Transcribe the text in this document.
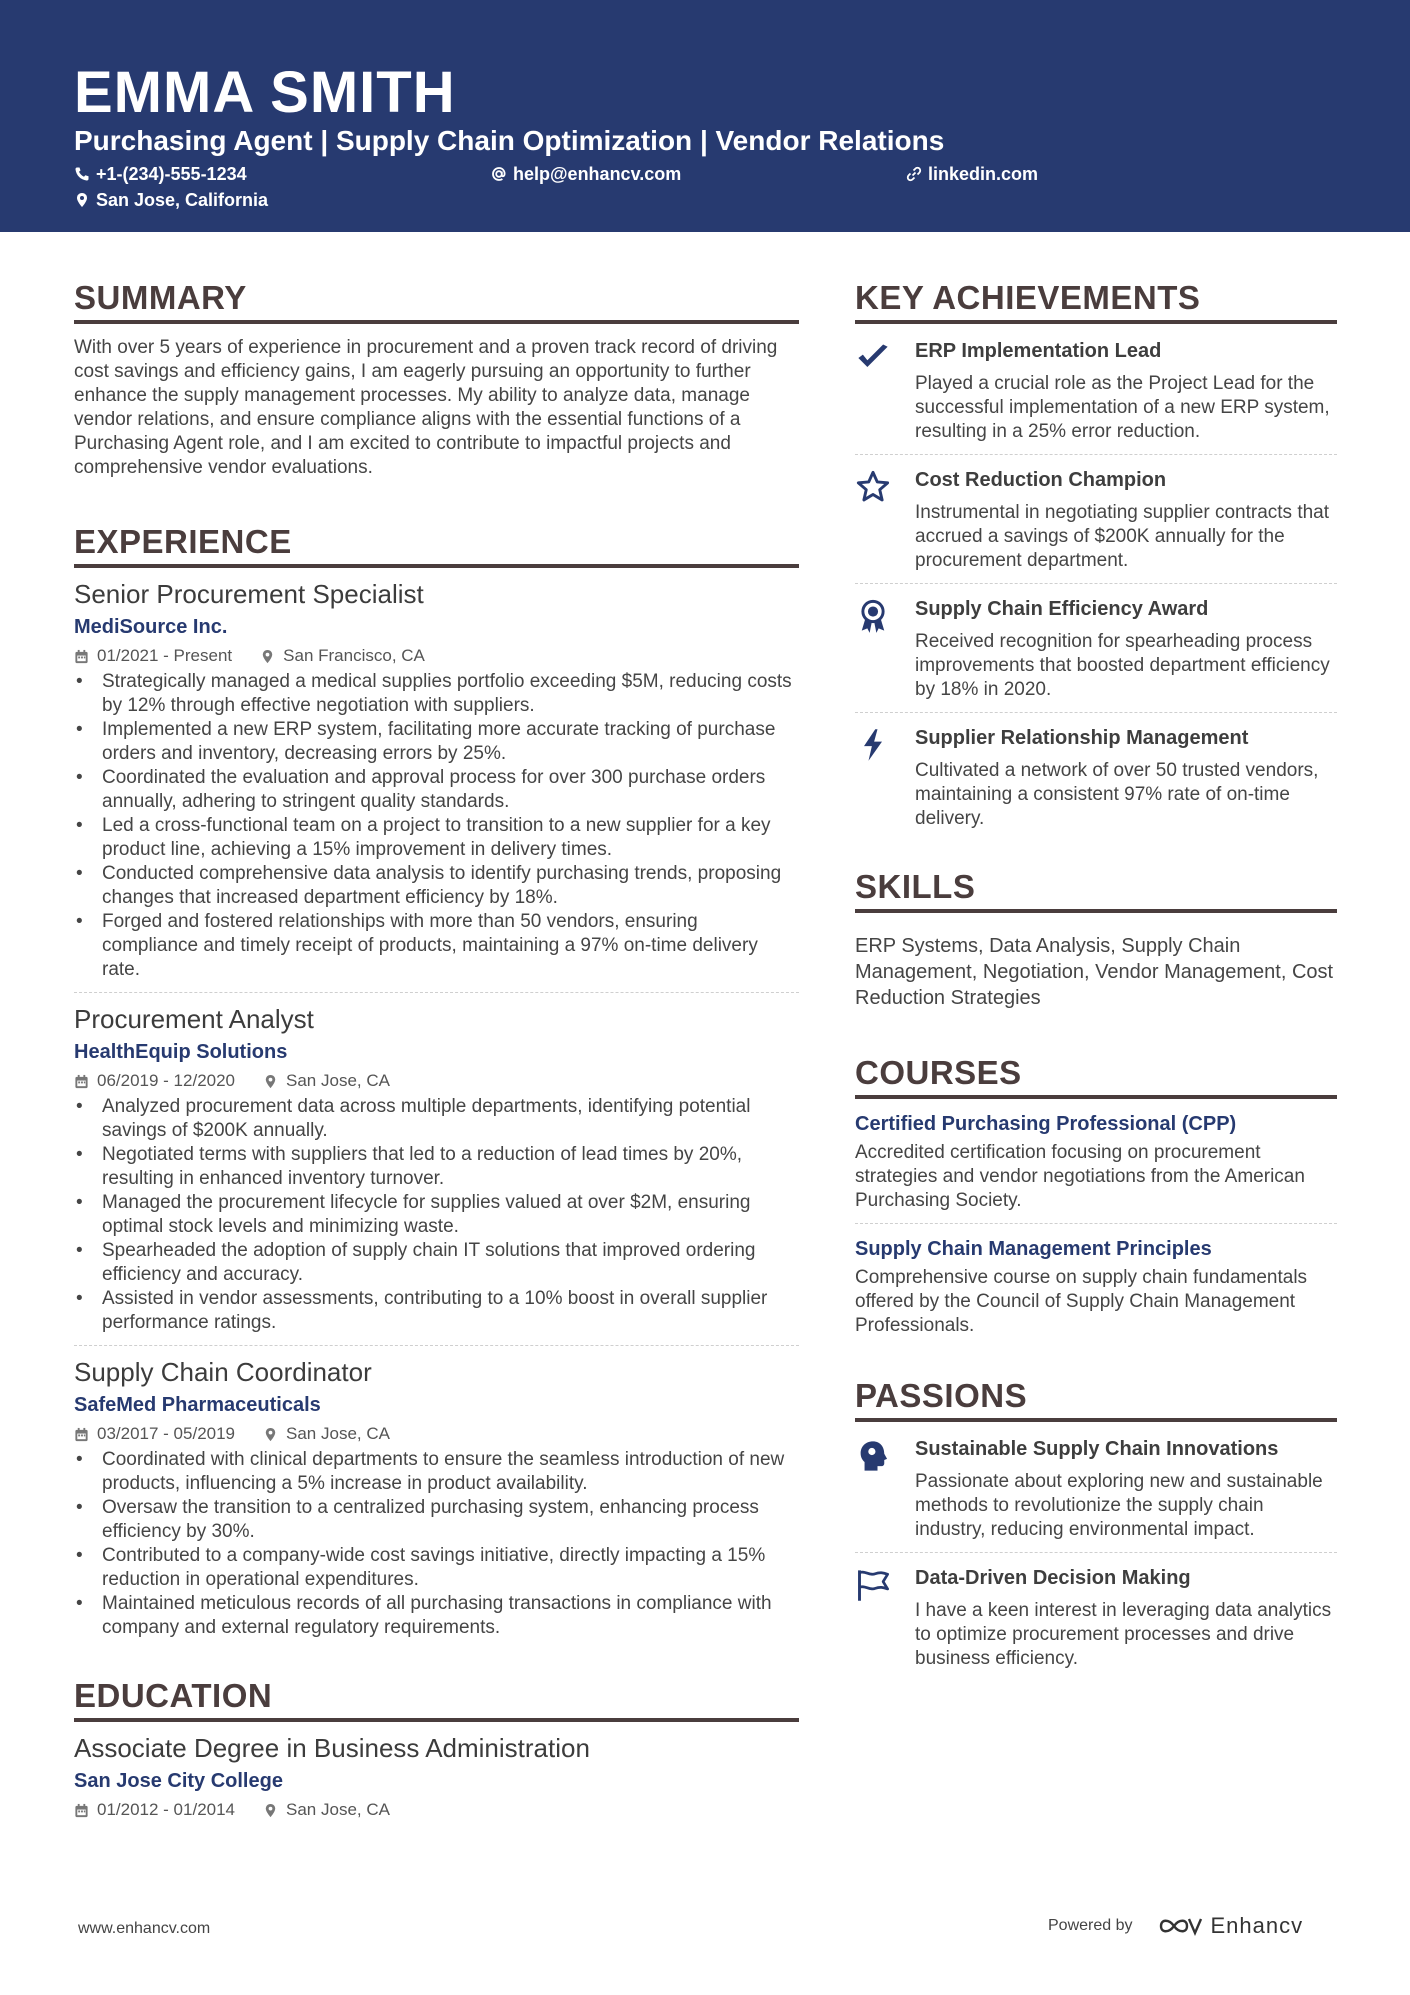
EMMA SMITH
Purchasing Agent | Supply Chain Optimization | Vendor Relations
+1-(234)-555-1234	help@enhancv.com	linkedin.com
San Jose, California
SUMMARY
With over 5 years of experience in procurement and a proven track record of driving cost savings and efficiency gains, I am eagerly pursuing an opportunity to further enhance the supply management processes. My ability to analyze data, manage vendor relations, and ensure compliance aligns with the essential functions of a Purchasing Agent role, and I am excited to contribute to impactful projects and comprehensive vendor evaluations.
EXPERIENCE
Senior Procurement Specialist
MediSource Inc.
01/2021 - Present	San Francisco, CA
• Strategically managed a medical supplies portfolio exceeding $5M, reducing costs by 12% through effective negotiation with suppliers.
• Implemented a new ERP system, facilitating more accurate tracking of purchase orders and inventory, decreasing errors by 25%.
• Coordinated the evaluation and approval process for over 300 purchase orders annually, adhering to stringent quality standards.
• Led a cross-functional team on a project to transition to a new supplier for a key product line, achieving a 15% improvement in delivery times.
• Conducted comprehensive data analysis to identify purchasing trends, proposing changes that increased department efficiency by 18%.
• Forged and fostered relationships with more than 50 vendors, ensuring compliance and timely receipt of products, maintaining a 97% on-time delivery rate.
Procurement Analyst
HealthEquip Solutions
06/2019 - 12/2020	San Jose, CA
• Analyzed procurement data across multiple departments, identifying potential savings of $200K annually.
• Negotiated terms with suppliers that led to a reduction of lead times by 20%, resulting in enhanced inventory turnover.
• Managed the procurement lifecycle for supplies valued at over $2M, ensuring optimal stock levels and minimizing waste.
• Spearheaded the adoption of supply chain IT solutions that improved ordering efficiency and accuracy.
• Assisted in vendor assessments, contributing to a 10% boost in overall supplier performance ratings.
Supply Chain Coordinator
SafeMed Pharmaceuticals
03/2017 - 05/2019	San Jose, CA
• Coordinated with clinical departments to ensure the seamless introduction of new products, influencing a 5% increase in product availability.
• Oversaw the transition to a centralized purchasing system, enhancing process efficiency by 30%.
• Contributed to a company-wide cost savings initiative, directly impacting a 15% reduction in operational expenditures.
• Maintained meticulous records of all purchasing transactions in compliance with company and external regulatory requirements.
EDUCATION
Associate Degree in Business Administration
San Jose City College
01/2012 - 01/2014	San Jose, CA
KEY ACHIEVEMENTS
ERP Implementation Lead
Played a crucial role as the Project Lead for the successful implementation of a new ERP system, resulting in a 25% error reduction.
Cost Reduction Champion
Instrumental in negotiating supplier contracts that accrued a savings of $200K annually for the procurement department.
Supply Chain Efficiency Award
Received recognition for spearheading process improvements that boosted department efficiency by 18% in 2020.
Supplier Relationship Management
Cultivated a network of over 50 trusted vendors, maintaining a consistent 97% rate of on-time delivery.
SKILLS
ERP Systems, Data Analysis, Supply Chain Management, Negotiation, Vendor Management, Cost Reduction Strategies
COURSES
Certified Purchasing Professional (CPP)
Accredited certification focusing on procurement strategies and vendor negotiations from the American Purchasing Society.
Supply Chain Management Principles
Comprehensive course on supply chain fundamentals offered by the Council of Supply Chain Management Professionals.
PASSIONS
Sustainable Supply Chain Innovations
Passionate about exploring new and sustainable methods to revolutionize the supply chain industry, reducing environmental impact.
Data-Driven Decision Making
I have a keen interest in leveraging data analytics to optimize procurement processes and drive business efficiency.
www.enhancv.com	Powered by	Enhancv
